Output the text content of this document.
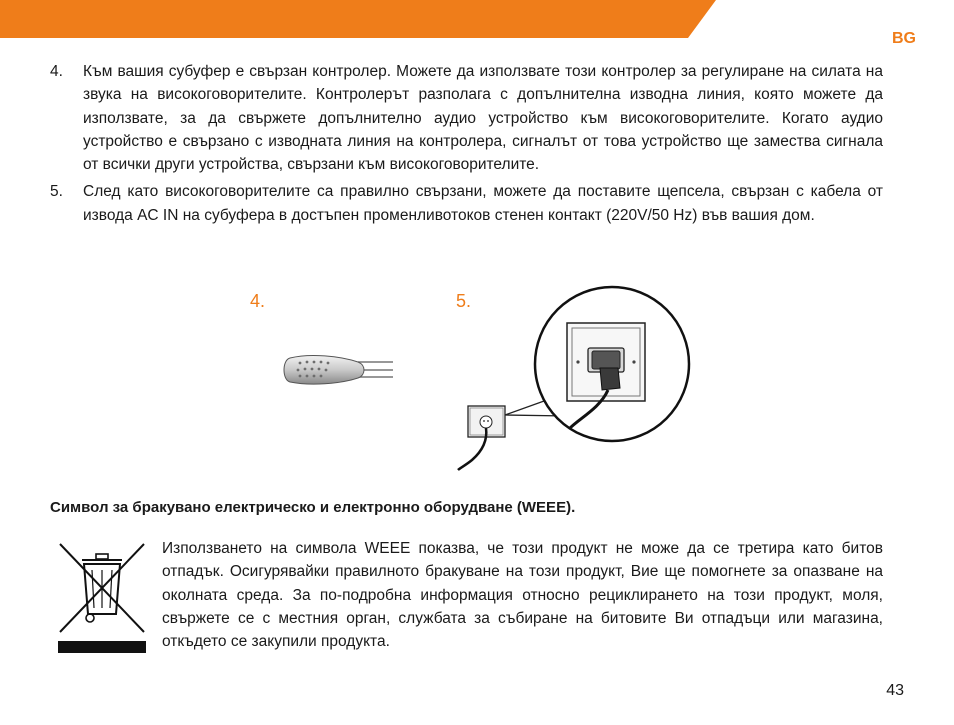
BG
4. Към вашия субуфер е свързан контролер. Можете да използвате този контролер за регулиране на силата на звука на високоговорителите. Контролерът разполага с допълнителна изводна линия, която можете да използвате, за да свържете допълнително аудио устройство към високоговорителите. Когато аудио устройство е свързано с изводната линия на контролера, сигналът от това устройство ще замества сигнала от всички други устройства, свързани към високоговорителите.
5. След като високоговорителите са правилно свързани, можете да поставите щепсела, свързан с кабела от извода AC IN на субуфера в достъпен променливотоков стенен контакт (220V/50 Hz) във вашия дом.
4.	5.
Символ за бракувано електрическо и електронно оборудване (WEEE).

Използването на символа WEEE показва, че този продукт не може да се третира като битов отпадък. Осигурявайки правилното бракуване на този продукт, Вие ще помогнете за опазване на околната среда. За по-подробна информация относно рециклирането на този продукт, моля, свържете се с местния орган, службата за събиране на битовите Ви отпадъци или магазина, откъдето се закупили продукта.

43
